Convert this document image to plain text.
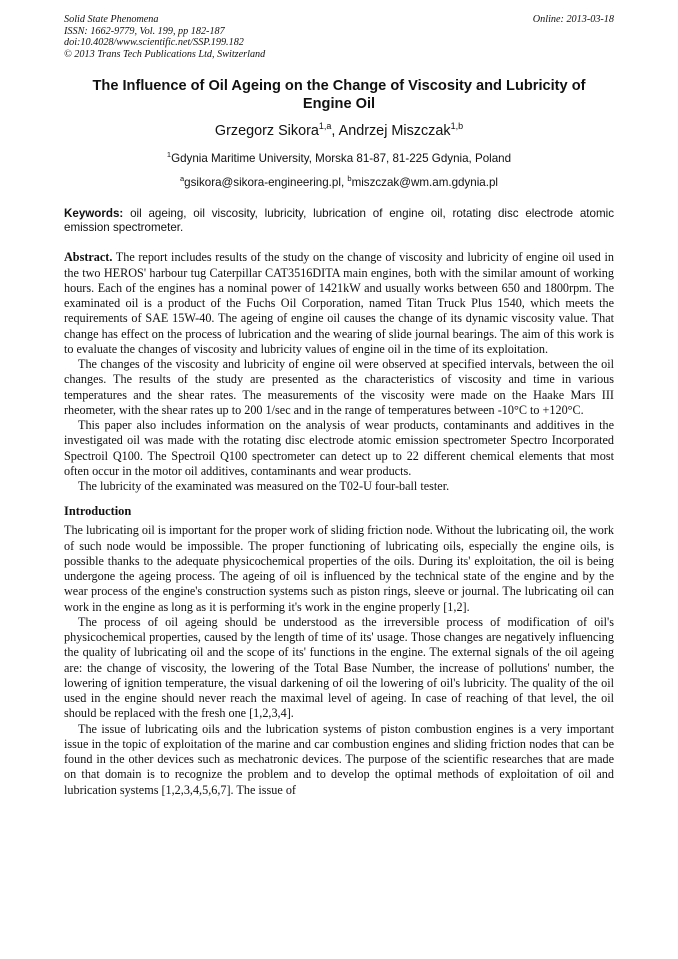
Solid State Phenomena
ISSN: 1662-9779, Vol. 199, pp 182-187
doi:10.4028/www.scientific.net/SSP.199.182
© 2013 Trans Tech Publications Ltd, Switzerland
Online: 2013-03-18
The Influence of Oil Ageing on the Change of Viscosity and Lubricity of Engine Oil
Grzegorz Sikora$^{1,a}$, Andrzej Miszczak$^{1,b}$
$^1$Gdynia Maritime University, Morska 81-87, 81-225 Gdynia, Poland
$^a$gsikora@sikora-engineering.pl, $^b$miszczak@wm.am.gdynia.pl
Keywords: oil ageing, oil viscosity, lubricity, lubrication of engine oil, rotating disc electrode atomic emission spectrometer.

Abstract. The report includes results of the study on the change of viscosity and lubricity of engine oil used in the two HEROS' harbour tug Caterpillar CAT3516DITA main engines, both with the similar amount of working hours. Each of the engines has a nominal power of 1421kW and usually works between 650 and 1800rpm. The examinated oil is a product of the Fuchs Oil Corporation, named Titan Truck Plus 1540, which meets the requirements of SAE 15W-40. The ageing of engine oil causes the change of its dynamic viscosity value. That change has effect on the process of lubrication and the wearing of slide journal bearings. The aim of this work is to evaluate the changes of viscosity and lubricity values of engine oil in the time of its exploitation.

The changes of the viscosity and lubricity of engine oil were observed at specified intervals, between the oil changes. The results of the study are presented as the characteristics of viscosity and time in various temperatures and the shear rates. The measurements of the viscosity were made on the Haake Mars III rheometer, with the shear rates up to 200 1/sec and in the range of temperatures between -10°C to +120°C.

This paper also includes information on the analysis of wear products, contaminants and additives in the investigated oil was made with the rotating disc electrode atomic emission spectrometer Spectro Incorporated Spectroil Q100. The Spectroil Q100 spectrometer can detect up to 22 different chemical elements that most often occur in the motor oil additives, contaminants and wear products.

The lubricity of the examinated was measured on the T02-U four-ball tester.

Introduction

The lubricating oil is important for the proper work of sliding friction node. Without the lubricating oil, the work of such node would be impossible. The proper functioning of lubricating oils, especially the engine oils, is possible thanks to the adequate physicochemical properties of the oils. During its' exploitation, the oil is being undergone the ageing process. The ageing of oil is influenced by the technical state of the engine and by the wear process of the engine's construction systems such as piston rings, sleeve or journal. The lubricating oil can work in the engine as long as it is performing it's work in the engine properly [1,2].

The process of oil ageing should be understood as the irreversible process of modification of oil's physicochemical properties, caused by the length of time of its' usage. Those changes are negatively influencing the quality of lubricating oil and the scope of its' functions in the engine. The external signals of the oil ageing are: the change of viscosity, the lowering of the Total Base Number, the increase of pollutions' number, the lowering of ignition temperature, the visual darkening of oil the lowering of oil's lubricity. The quality of the oil used in the engine should never reach the maximal level of ageing. In case of reaching of that level, the oil should be replaced with the fresh one [1,2,3,4].

The issue of lubricating oils and the lubrication systems of piston combustion engines is a very important issue in the topic of exploitation of the marine and car combustion engines and sliding friction nodes that can be found in the other devices such as mechatronic devices. The purpose of the scientific researches that are made on that domain is to recognize the problem and to develop the optimal methods of exploitation of oil and lubrication systems [1,2,3,4,5,6,7]. The issue of
